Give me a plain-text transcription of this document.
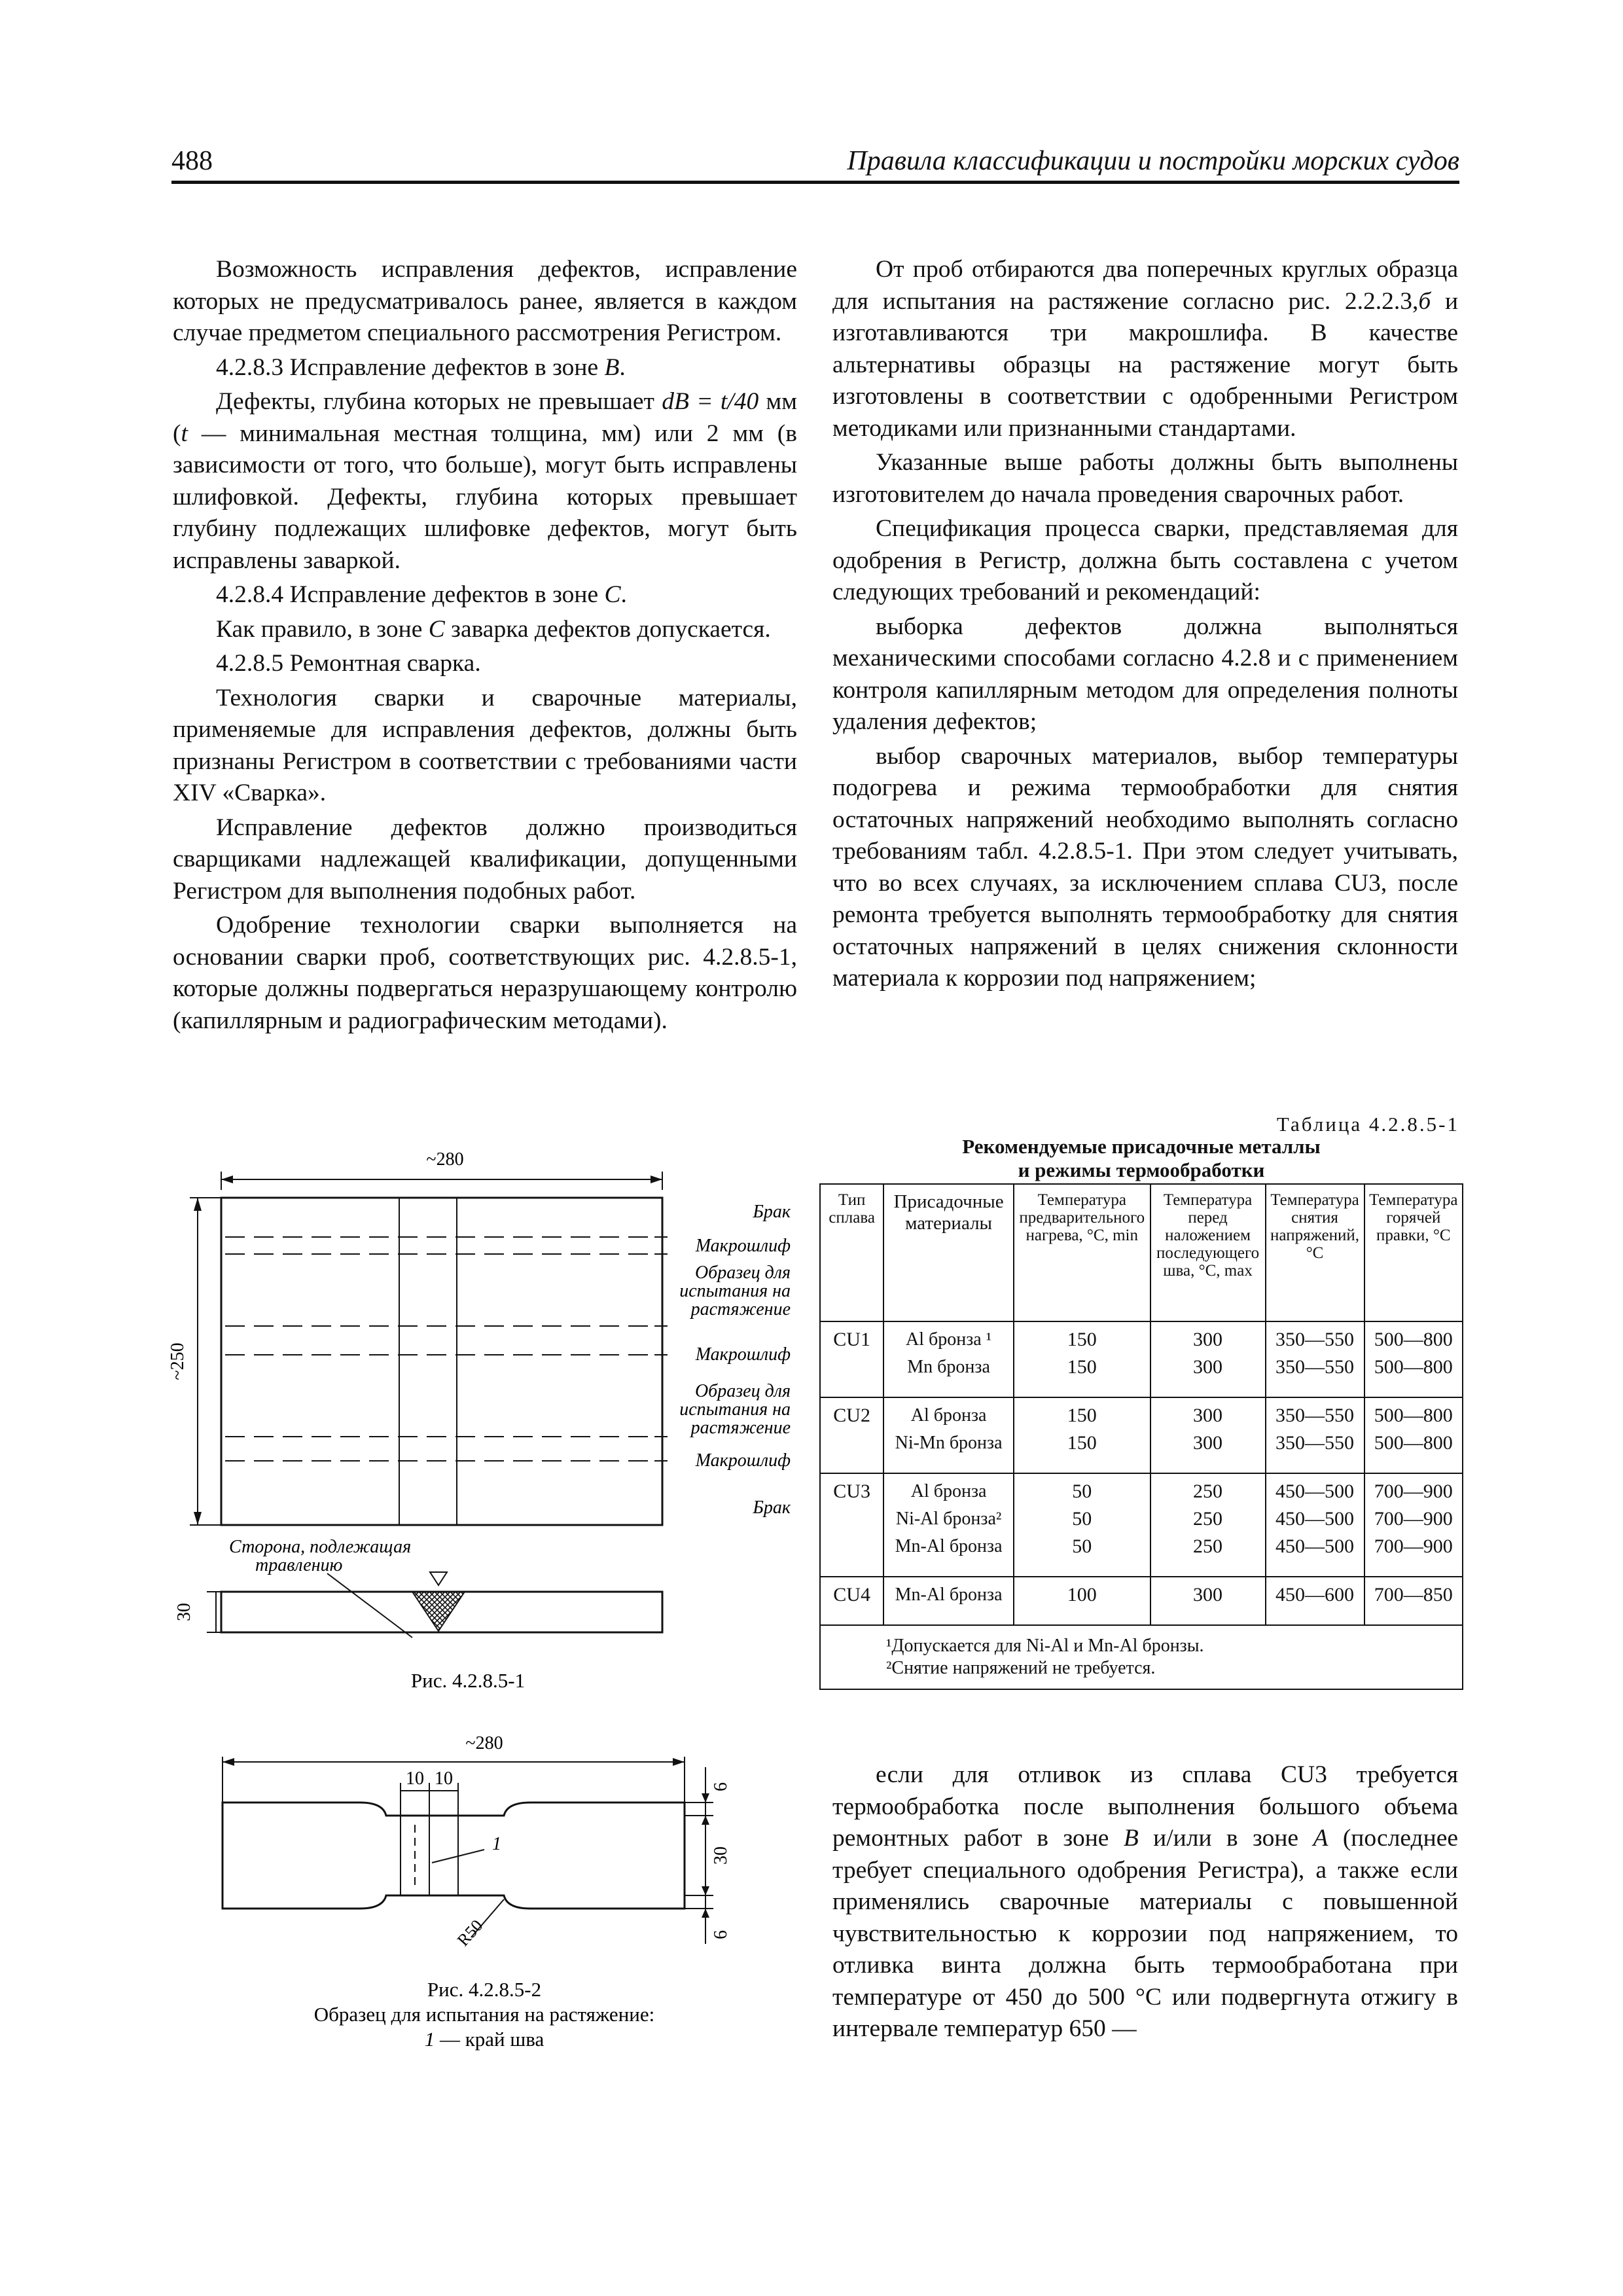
488	Правила классификации и постройки морских судов

Возможность исправления дефектов, исправление которых не предусматривалось ранее, является в каждом случае предметом специального рассмотрения Регистром.

4.2.8.3 Исправление дефектов в зоне B.

Дефекты, глубина которых не превышает dB = t/40 мм (t — минимальная местная толщина, мм) или 2 мм (в зависимости от того, что больше), могут быть исправлены шлифовкой. Дефекты, глубина которых превышает глубину подлежащих шлифовке дефектов, могут быть исправлены заваркой.

4.2.8.4 Исправление дефектов в зоне C.

Как правило, в зоне C заварка дефектов допускается.

4.2.8.5 Ремонтная сварка.

Технология сварки и сварочные материалы, применяемые для исправления дефектов, должны быть признаны Регистром в соответствии с требованиями части XIV «Сварка».

Исправление дефектов должно производиться сварщиками надлежащей квалификации, допущенными Регистром для выполнения подобных работ.

Одобрение технологии сварки выполняется на основании сварки проб, соответствующих рис. 4.2.8.5-1, которые должны подвергаться неразрушающему контролю (капиллярным и радиографическим методами).

От проб отбираются два поперечных круглых образца для испытания на растяжение согласно рис. 2.2.2.3,б и изготавливаются три макрошлифа. В качестве альтернативы образцы на растяжение могут быть изготовлены в соответствии с одобренными Регистром методиками или признанными стандартами.

Указанные выше работы должны быть выполнены изготовителем до начала проведения сварочных работ.

Спецификация процесса сварки, представляемая для одобрения в Регистр, должна быть составлена с учетом следующих требований и рекомендаций:

выборка дефектов должна выполняться механическими способами согласно 4.2.8 и с применением контроля капиллярным методом для определения полноты удаления дефектов;

выбор сварочных материалов, выбор температуры подогрева и режима термообработки для снятия остаточных напряжений необходимо выполнять согласно требованиям табл. 4.2.8.5-1. При этом следует учитывать, что во всех случаях, за исключением сплава CU3, после ремонта требуется выполнять термообработку для снятия остаточных напряжений в целях снижения склонности материала к коррозии под напряжением;

Таблица 4.2.8.5-1
Рекомендуемые присадочные металлы
и режимы термообработки
Тип сплава	Присадочные материалы	Температура предварительного нагрева, °С, min	Температура перед наложением последующего шва, °С, max	Температура снятия напряжений, °С	Температура горячей правки, °С
CU1	Al бронза ¹	150	300	350—550	500—800
	Mn бронза	150	300	350—550	500—800

CU2	Al бронза	150	300	350—550	500—800
	Ni-Mn бронза	150	300	350—550	500—800

CU3	Al бронза	50	250	450—500	700—900
	Ni-Al бронза²	50	250	450—500	700—900
	Mn-Al бронза	50	250	450—500	700—900

CU4	Mn-Al бронза	100	300	450—600	700—850

¹Допускается для Ni-Al и Mn-Al бронзы.
²Снятие напряжений не требуется.					
~280
~250
Брак
Макрошлиф
Образец для
испытания на
растяжение
Макрошлиф
Образец для
испытания на
растяжение
Макрошлиф
Брак
Сторона, подлежащая
травлению
30
Рис. 4.2.8.5-1
~280
10 10
1
R50
6
30
6
Рис. 4.2.8.5-2
Образец для испытания на растяжение:
1 — край шва

если для отливок из сплава CU3 требуется термообработка после выполнения большого объема ремонтных работ в зоне B и/или в зоне A (последнее требует специального одобрения Регистра), а также если применялись сварочные материалы с повышенной чувствительностью к коррозии под напряжением, то отливка винта должна быть термообработана при температуре от 450 до 500 °С или подвергнута отжигу в интервале температур 650 —
